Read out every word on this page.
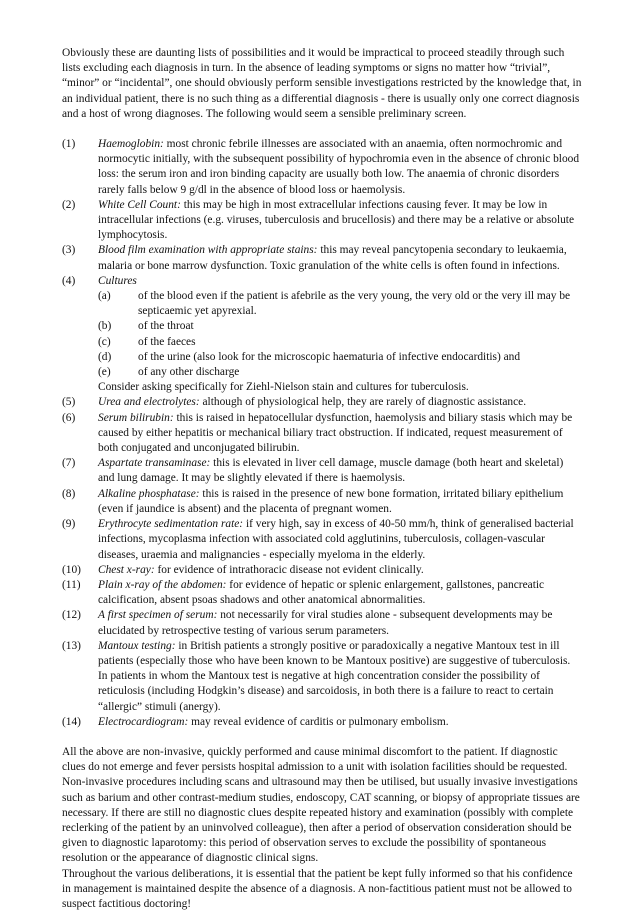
Obviously these are daunting lists of possibilities and it would be impractical to proceed steadily through such lists excluding each diagnosis in turn. In the absence of leading symptoms or signs no matter how “trivial”, “minor” or “incidental”, one should obviously perform sensible investigations restricted by the knowledge that, in an individual patient, there is no such thing as a differential diagnosis - there is usually only one correct diagnosis and a host of wrong diagnoses. The following would seem a sensible preliminary screen.

(1) Haemoglobin: most chronic febrile illnesses are associated with an anaemia, often normochromic and normocytic initially, with the subsequent possibility of hypochromia even in the absence of chronic blood loss: the serum iron and iron binding capacity are usually both low. The anaemia of chronic disorders rarely falls below 9 g/dl in the absence of blood loss or haemolysis.
(2) White Cell Count: this may be high in most extracellular infections causing fever. It may be low in intracellular infections (e.g. viruses, tuberculosis and brucellosis) and there may be a relative or absolute lymphocytosis.
(3) Blood film examination with appropriate stains: this may reveal pancytopenia secondary to leukaemia, malaria or bone marrow dysfunction. Toxic granulation of the white cells is often found in infections.
(4) Cultures
(a) of the blood even if the patient is afebrile as the very young, the very old or the very ill may be septicaemic yet apyrexial.
(b) of the throat
(c) of the faeces
(d) of the urine (also look for the microscopic haematuria of infective endocarditis) and
(e) of any other discharge
Consider asking specifically for Ziehl-Nielson stain and cultures for tuberculosis.
(5) Urea and electrolytes: although of physiological help, they are rarely of diagnostic assistance.
(6) Serum bilirubin: this is raised in hepatocellular dysfunction, haemolysis and biliary stasis which may be caused by either hepatitis or mechanical biliary tract obstruction. If indicated, request measurement of both conjugated and unconjugated bilirubin.
(7) Aspartate transaminase: this is elevated in liver cell damage, muscle damage (both heart and skeletal) and lung damage. It may be slightly elevated if there is haemolysis.
(8) Alkaline phosphatase: this is raised in the presence of new bone formation, irritated biliary epithelium (even if jaundice is absent) and the placenta of pregnant women.
(9) Erythrocyte sedimentation rate: if very high, say in excess of 40-50 mm/h, think of generalised bacterial infections, mycoplasma infection with associated cold agglutinins, tuberculosis, collagen-vascular diseases, uraemia and malignancies - especially myeloma in the elderly.
(10) Chest x-ray: for evidence of intrathoracic disease not evident clinically.
(11) Plain x-ray of the abdomen: for evidence of hepatic or splenic enlargement, gallstones, pancreatic calcification, absent psoas shadows and other anatomical abnormalities.
(12) A first specimen of serum: not necessarily for viral studies alone - subsequent developments may be elucidated by retrospective testing of various serum parameters.
(13) Mantoux testing: in British patients a strongly positive or paradoxically a negative Mantoux test in ill patients (especially those who have been known to be Mantoux positive) are suggestive of tuberculosis. In patients in whom the Mantoux test is negative at high concentration consider the possibility of reticulosis (including Hodgkin’s disease) and sarcoidosis, in both there is a failure to react to certain “allergic” stimuli (anergy).
(14) Electrocardiogram: may reveal evidence of carditis or pulmonary embolism.

All the above are non-invasive, quickly performed and cause minimal discomfort to the patient. If diagnostic clues do not emerge and fever persists hospital admission to a unit with isolation facilities should be requested. Non-invasive procedures including scans and ultrasound may then be utilised, but usually invasive investigations such as barium and other contrast-medium studies, endoscopy, CAT scanning, or biopsy of appropriate tissues are necessary. If there are still no diagnostic clues despite repeated history and examination (possibly with complete reclerking of the patient by an uninvolved colleague), then after a period of observation consideration should be given to diagnostic laparotomy: this period of observation serves to exclude the possibility of spontaneous resolution or the appearance of diagnostic clinical signs.

Throughout the various deliberations, it is essential that the patient be kept fully informed so that his confidence in management is maintained despite the absence of a diagnosis. A non-factitious patient must not be allowed to suspect factitious doctoring!
